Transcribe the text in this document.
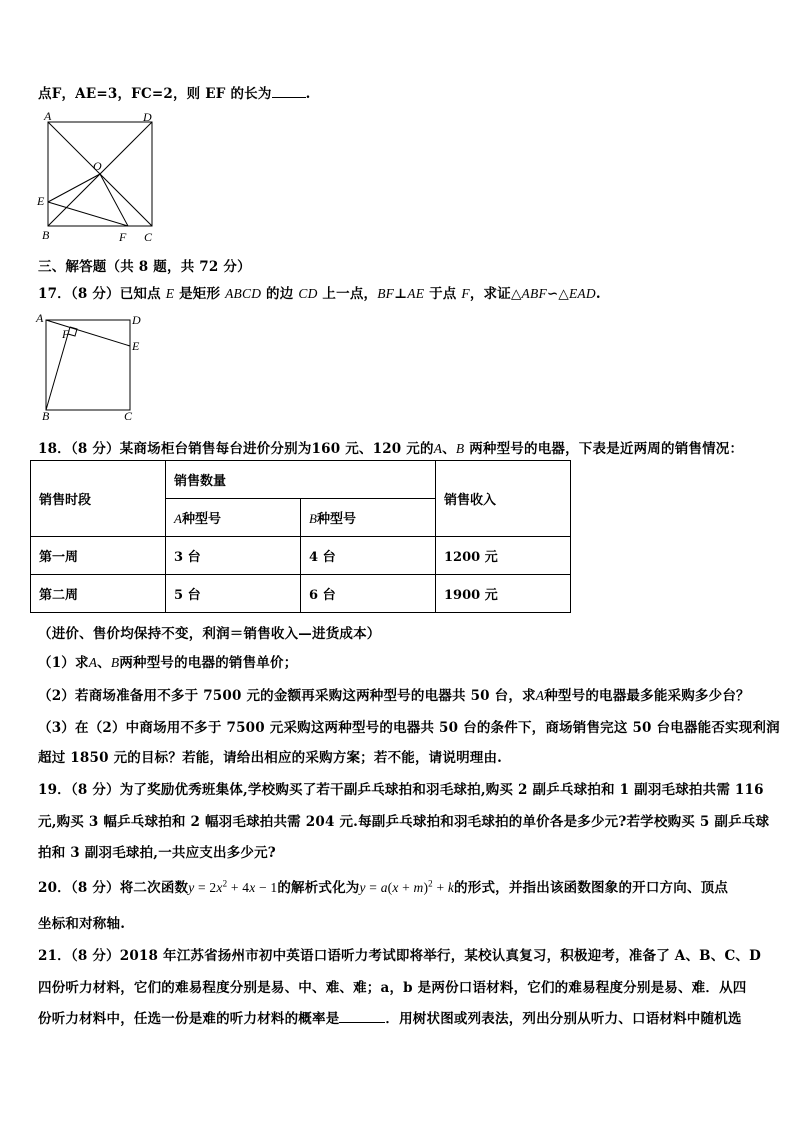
点F，AE=3，FC=2，则 EF 的长为	.
A	D
O
E
B	F C
三、解答题（共 8 题，共 72 分）
17．（8 分）已知点 E 是矩形 ABCD 的边 CD 上一点，BF⊥AE 于点 F，求证△ABF∽△EAD.
A	D
F
E
B	C
18．（8 分）某商场柜台销售每台进价分别为160 元、120 元的A、B 两种型号的电器，下表是近两周的销售情况：
销售时段	销售数量		销售收入
	A种型号	B种型号	
第一周	3 台	4 台	1200 元
第二周	5 台	6 台	1900 元
（进价、售价均保持不变，利润＝销售收入—进货成本）
（1）求A、B两种型号的电器的销售单价；
（2）若商场准备用不多于 7500 元的金额再采购这两种型号的电器共 50 台，求A种型号的电器最多能采购多少台？
（3）在（2）中商场用不多于 7500 元采购这两种型号的电器共 50 台的条件下，商场销售完这 50 台电器能否实现利润
超过 1850 元的目标？若能，请给出相应的采购方案；若不能，请说明理由.
19．（8 分）为了奖励优秀班集体,学校购买了若干副乒乓球拍和羽毛球拍,购买 2 副乒乓球拍和 1 副羽毛球拍共需 116
元,购买 3 幅乒乓球拍和 2 幅羽毛球拍共需 204 元.每副乒乓球拍和羽毛球拍的单价各是多少元?若学校购买 5 副乒乓球
拍和 3 副羽毛球拍,一共应支出多少元?
20．（8 分）将二次函数$y = 2x^2 + 4x - 1$的解析式化为$y = a(x + m)^2 + k$的形式，并指出该函数图象的开口方向、顶点
坐标和对称轴.
21．（8 分）2018 年江苏省扬州市初中英语口语听力考试即将举行，某校认真复习，积极迎考，准备了 A、B、C、D
四份听力材料，它们的难易程度分别是易、中、难、难；a，b 是两份口语材料，它们的难易程度分别是易、难．从四
份听力材料中，任选一份是难的听力材料的概率是	．用树状图或列表法，列出分别从听力、口语材料中随机选
